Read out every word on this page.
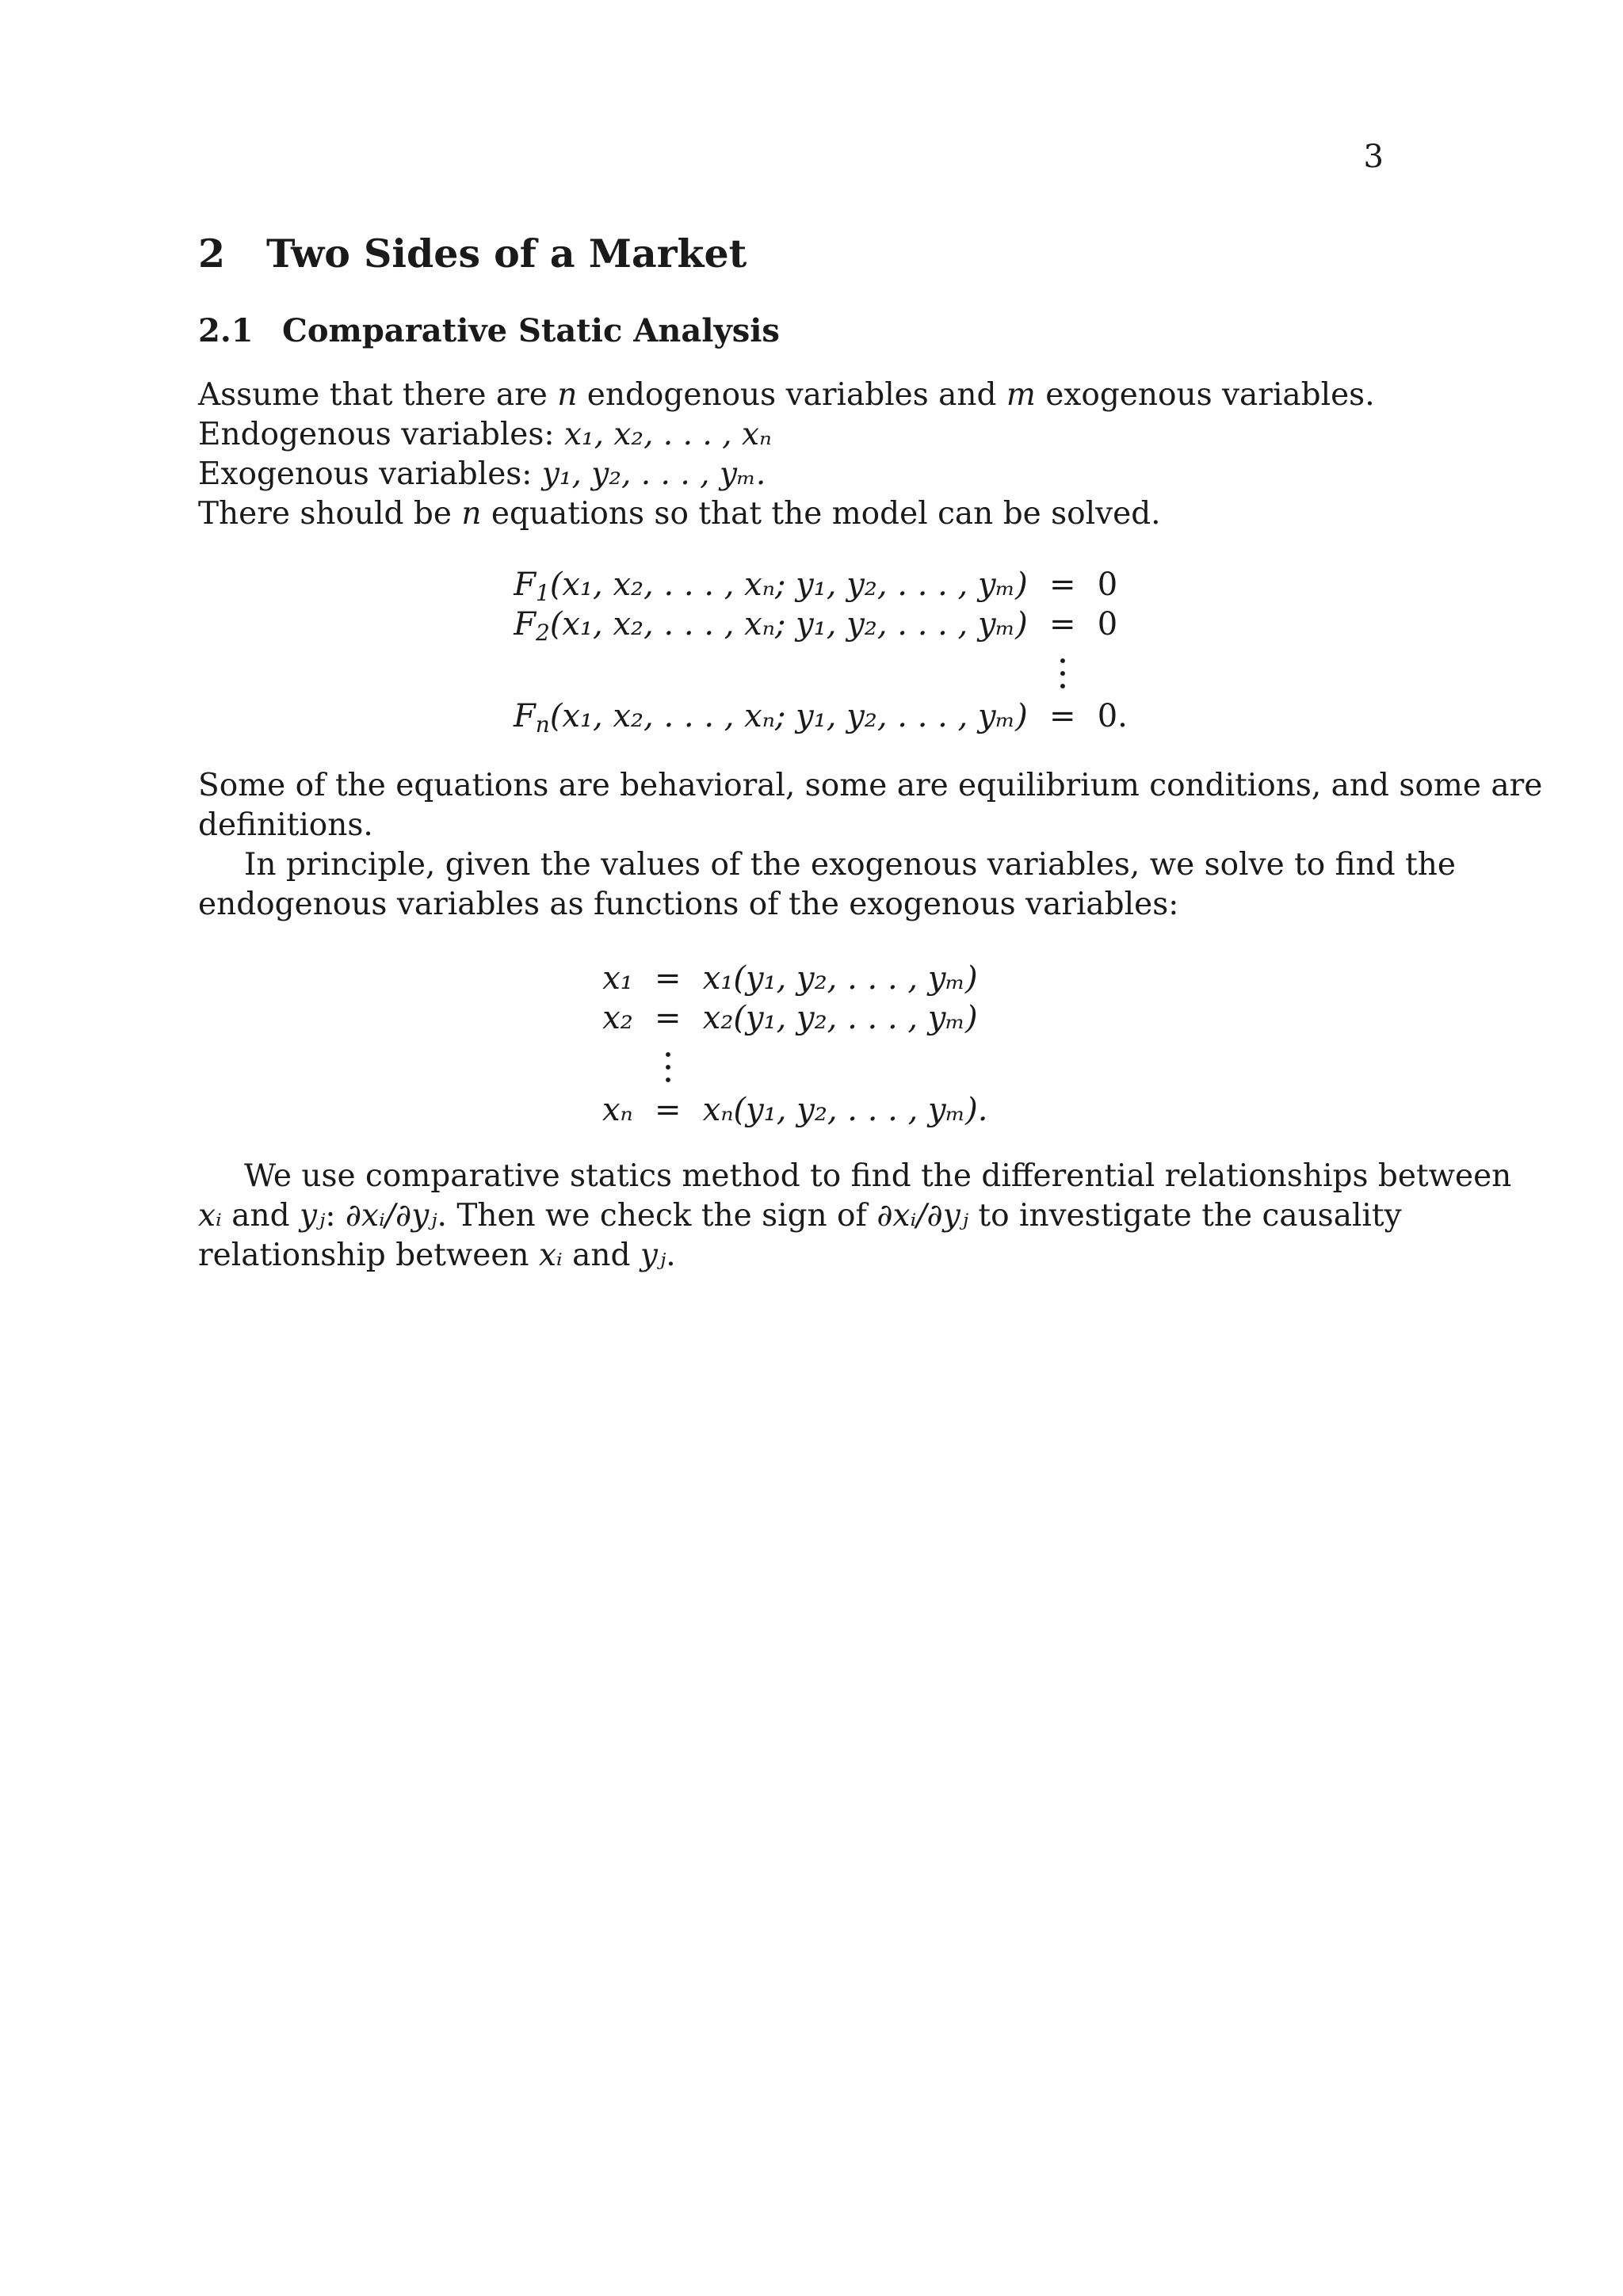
3
2 Two Sides of a Market
2.1 Comparative Static Analysis
Assume that there are n endogenous variables and m exogenous variables.
Endogenous variables: x₁, x₂, . . . , xₙ
Exogenous variables: y₁, y₂, . . . , yₘ.
There should be n equations so that the model can be solved.
$F_1(x_1$, x₂, . . . , xₙ; y₁, y₂, . . . , yₘ)	=	0
$F_2(x_1$, x₂, . . . , xₙ; y₁, y₂, . . . , yₘ)	=	0

$F_n(x_1$, x₂, . . . , xₙ; y₁, y₂, . . . , yₘ)	=	0.
Some of the equations are behavioral, some are equilibrium conditions, and some are
definitions.
In principle, given the values of the exogenous variables, we solve to find the
endogenous variables as functions of the exogenous variables:
x₁	=	x₁(y₁, y₂, . . . , yₘ)
x₂	=	x₂(y₁, y₂, . . . , yₘ)

xₙ	=	xₙ(y₁, y₂, . . . , yₘ).
We use comparative statics method to find the differential relationships between
xᵢ and yⱼ: ∂xᵢ/∂yⱼ. Then we check the sign of ∂xᵢ/∂yⱼ to investigate the causality
relationship between xᵢ and yⱼ.
